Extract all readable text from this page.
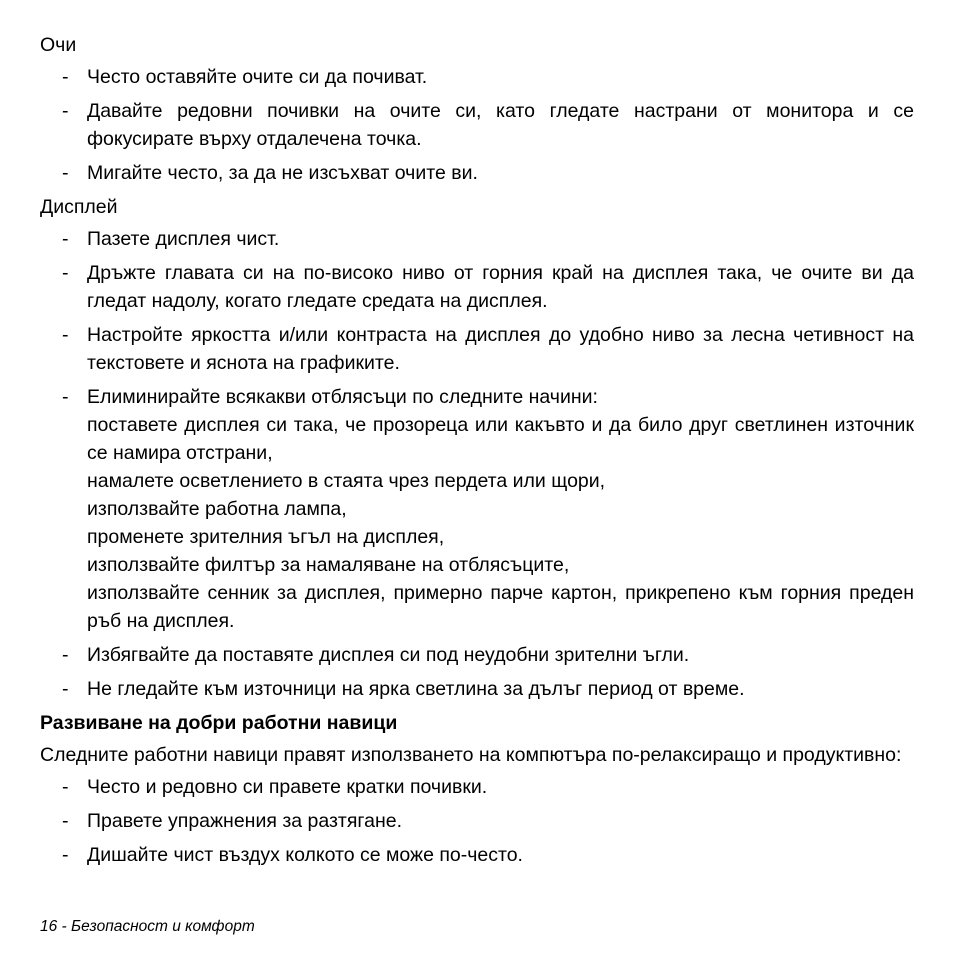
Очи
- Често оставяйте очите си да почиват.
- Давайте редовни почивки на очите си, като гледате настрани от монитора и се фокусирате върху отдалечена точка.
- Мигайте често, за да не изсъхват очите ви.
Дисплей
- Пазете дисплея чист.
- Дръжте главата си на по-високо ниво от горния край на дисплея така, че очите ви да гледат надолу, когато гледате средата на дисплея.
- Настройте яркостта и/или контраста на дисплея до удобно ниво за лесна четивност на текстовете и яснота на графиките.
- Елиминирайте всякакви отблясъци по следните начини:
поставете дисплея си така, че прозореца или какъвто и да било друг светлинен източник се намира отстрани,
намалете осветлението в стаята чрез пердета или щори,
използвайте работна лампа,
променете зрителния ъгъл на дисплея,
използвайте филтър за намаляване на отблясъците,
използвайте сенник за дисплея, примерно парче картон, прикрепено към горния преден ръб на дисплея.
- Избягвайте да поставяте дисплея си под неудобни зрителни ъгли.
- Не гледайте към източници на ярка светлина за дълъг период от време.
Развиване на добри работни навици
Следните работни навици правят използването на компютъра по-релаксиращо и продуктивно:
- Често и редовно си правете кратки почивки.
- Правете упражнения за разтягане.
- Дишайте чист въздух колкото се може по-често.
16 - Безопасност и комфорт
